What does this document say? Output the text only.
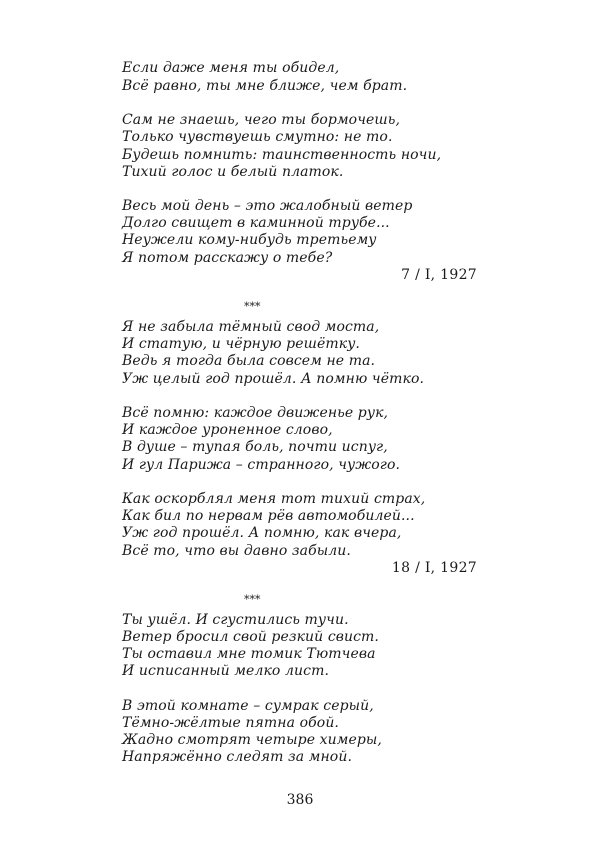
Если даже меня ты обидел,
Всё равно, ты мне ближе, чем брат.
Сам не знаешь, чего ты бормочешь,
Только чувствуешь смутно: не то.
Будешь помнить: таинственность ночи,
Тихий голос и белый платок.
Весь мой день – это жалобный ветер
Долго свищет в каминной трубе...
Неужели кому-нибудь третьему
Я потом расскажу о тебе?
7 / I, 1927
***
Я не забыла тёмный свод моста,
И статую, и чёрную решётку.
Ведь я тогда была совсем не та.
Уж целый год прошёл. А помню чётко.
Всё помню: каждое движенье рук,
И каждое уроненное слово,
В душе – тупая боль, почти испуг,
И гул Парижа – странного, чужого.
Как оскорблял меня тот тихий страх,
Как бил по нервам рёв автомобилей...
Уж год прошёл. А помню, как вчера,
Всё то, что вы давно забыли.
18 / I, 1927
***
Ты ушёл. И сгустились тучи.
Ветер бросил свой резкий свист.
Ты оставил мне томик Тютчева
И исписанный мелко лист.
В этой комнате – сумрак серый,
Тёмно-жёлтые пятна обой.
Жадно смотрят четыре химеры,
Напряжённо следят за мной.
386
